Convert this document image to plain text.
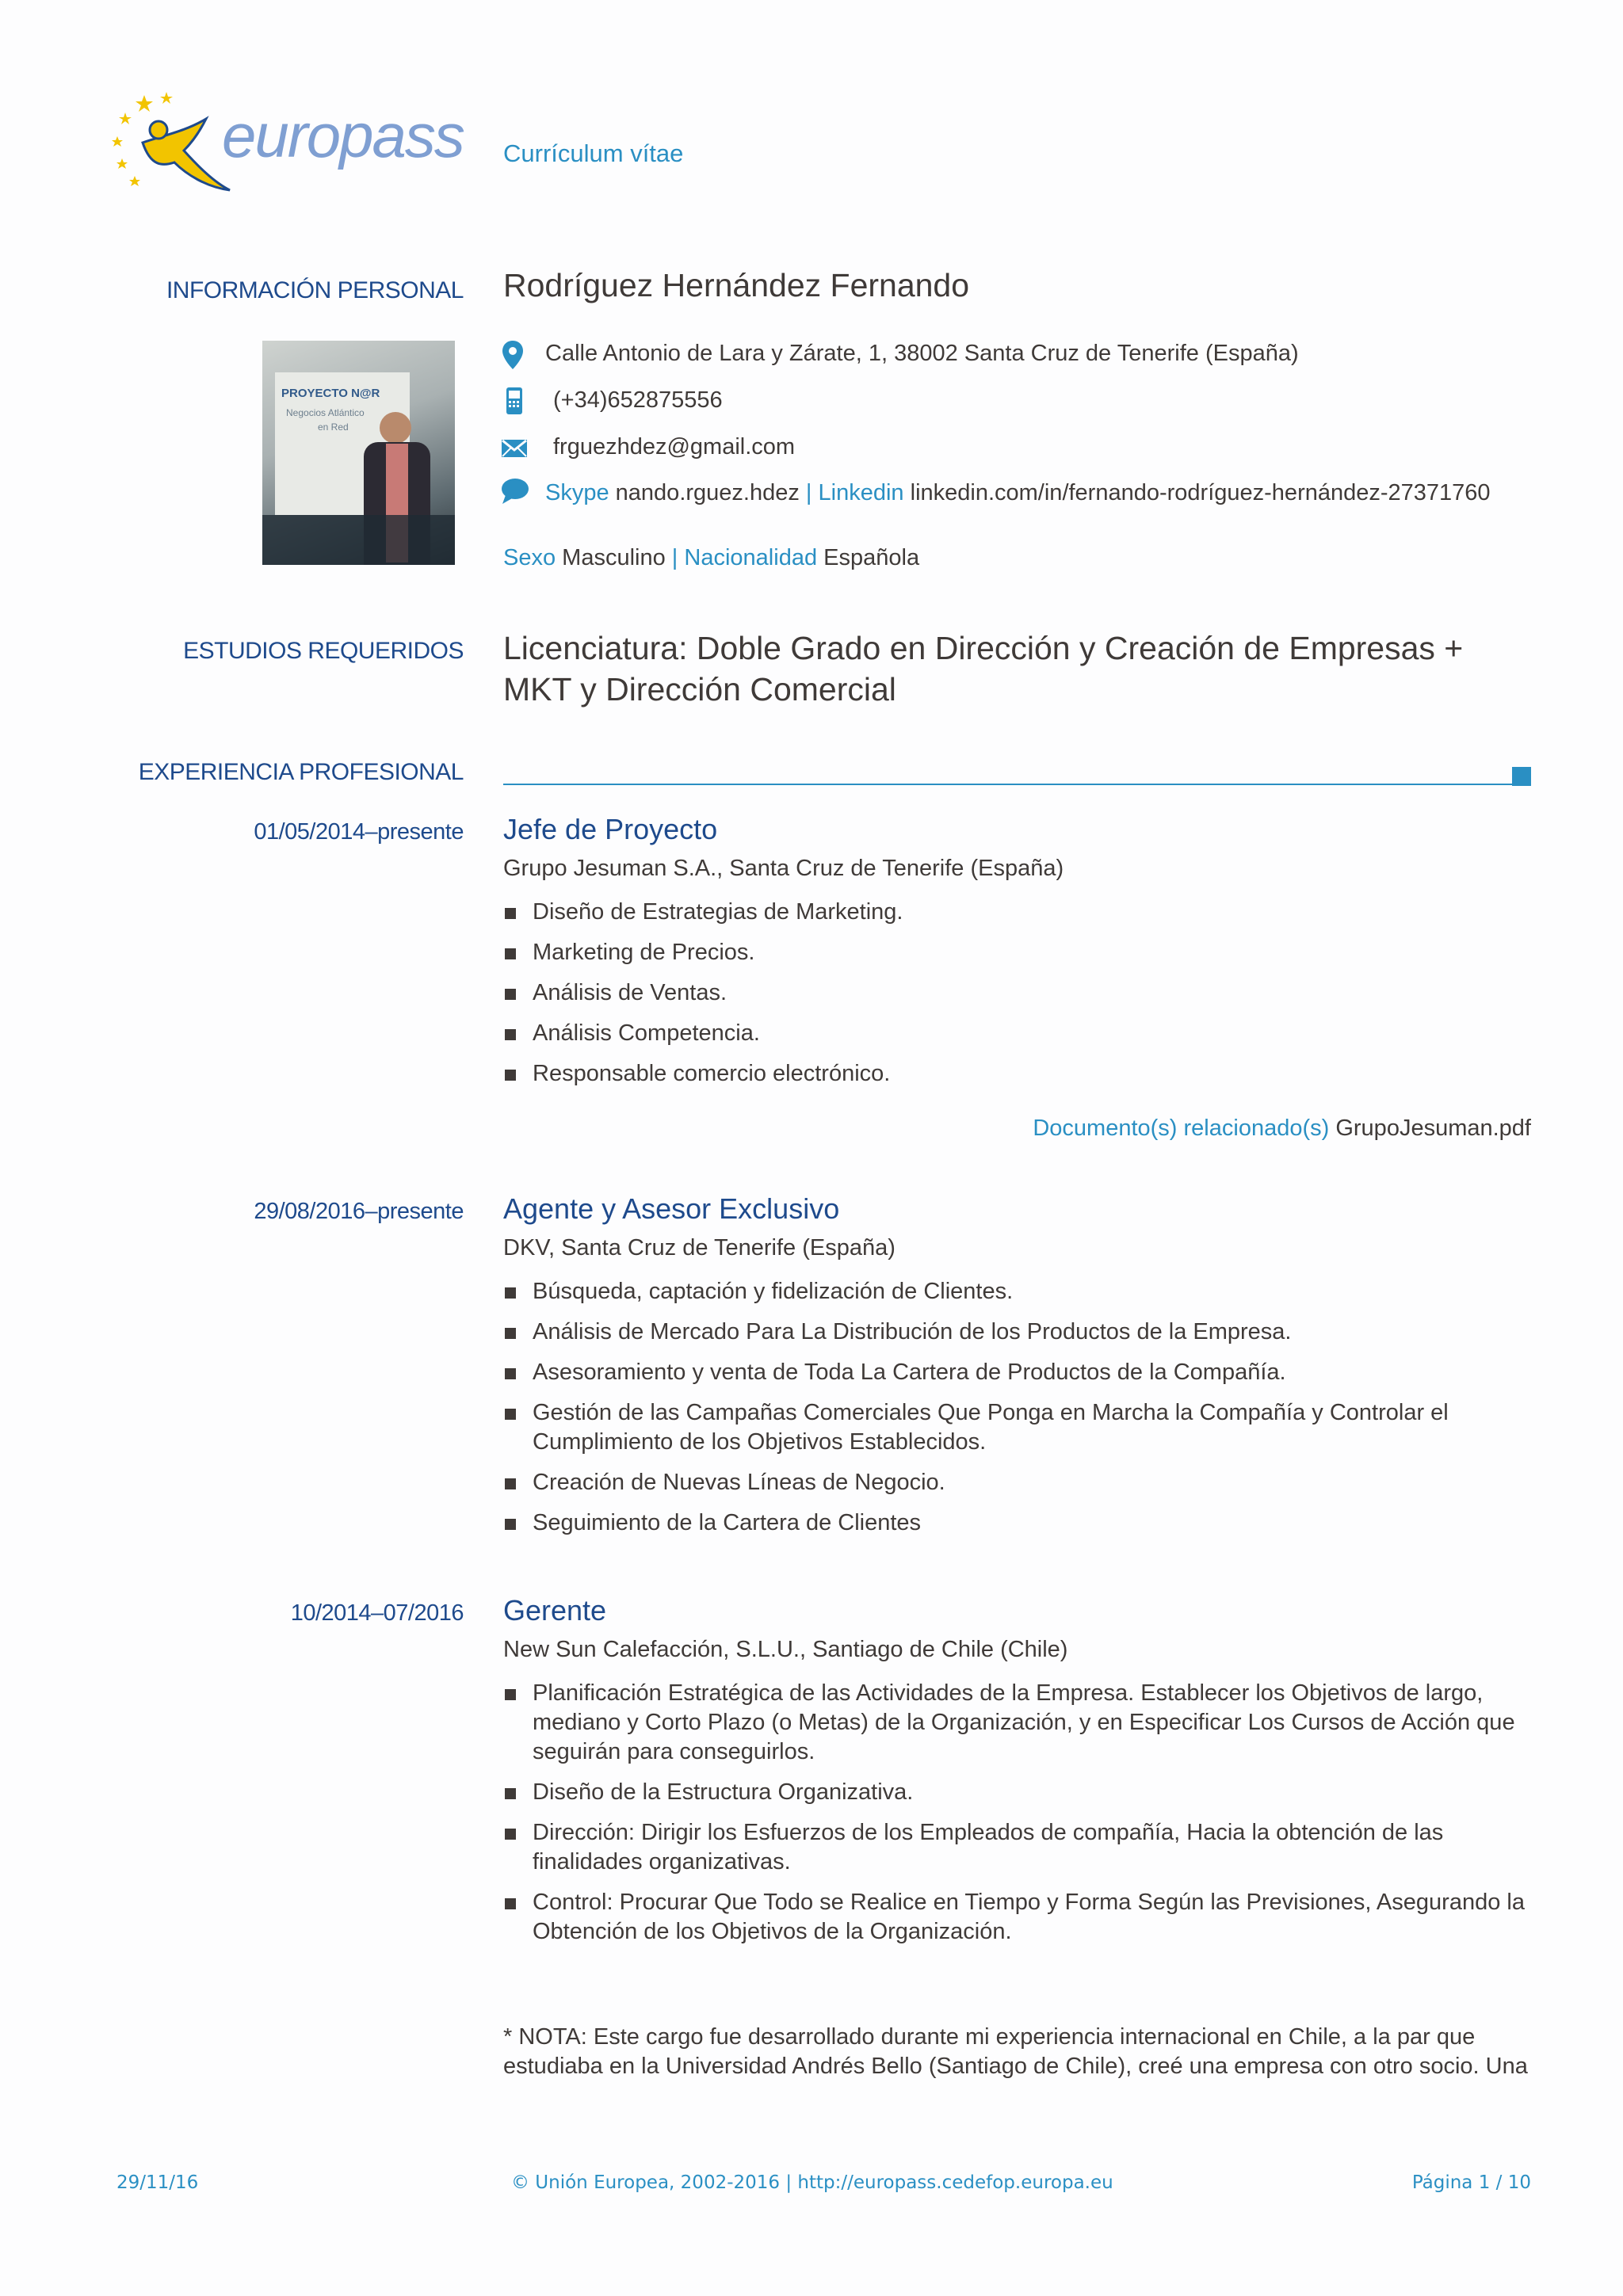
europass Currículum vítae
INFORMACIÓN PERSONAL Rodríguez Hernández Fernando
PROYECTO N@R
Negocios Atlántico
en Red
Calle Antonio de Lara y Zárate, 1, 38002 Santa Cruz de Tenerife (España)
(+34)652875556
frguezhdez@gmail.com
Skype nando.rguez.hdez | Linkedin linkedin.com/in/fernando-rodríguez-hernández-27371760
Sexo Masculino | Nacionalidad Española
ESTUDIOS REQUERIDOS Licenciatura: Doble Grado en Dirección y Creación de Empresas +
MKT y Dirección Comercial
EXPERIENCIA PROFESIONAL
01/05/2014–presente Jefe de Proyecto
Grupo Jesuman S.A., Santa Cruz de Tenerife (España)
Diseño de Estrategias de Marketing.
Marketing de Precios.
Análisis de Ventas.
Análisis Competencia.
Responsable comercio electrónico.
Documento(s) relacionado(s) GrupoJesuman.pdf
29/08/2016–presente Agente y Asesor Exclusivo
DKV, Santa Cruz de Tenerife (España)
Búsqueda, captación y fidelización de Clientes.
Análisis de Mercado Para La Distribución de los Productos de la Empresa.
Asesoramiento y venta de Toda La Cartera de Productos de la Compañía.
Gestión de las Campañas Comerciales Que Ponga en Marcha la Compañía y Controlar el Cumplimiento de los Objetivos Establecidos.
Creación de Nuevas Líneas de Negocio.
Seguimiento de la Cartera de Clientes
10/2014–07/2016 Gerente
New Sun Calefacción, S.L.U., Santiago de Chile (Chile)
Planificación Estratégica de las Actividades de la Empresa. Establecer los Objetivos de largo, mediano y Corto Plazo (o Metas) de la Organización, y en Especificar Los Cursos de Acción que seguirán para conseguirlos.
Diseño de la Estructura Organizativa.
Dirección: Dirigir los Esfuerzos de los Empleados de compañía, Hacia la obtención de las finalidades organizativas.
Control: Procurar Que Todo se Realice en Tiempo y Forma Según las Previsiones, Asegurando la Obtención de los Objetivos de la Organización.
* NOTA: Este cargo fue desarrollado durante mi experiencia internacional en Chile, a la par que
estudiaba en la Universidad Andrés Bello (Santiago de Chile), creé una empresa con otro socio. Una
29/11/16	© Unión Europea, 2002-2016 | http://europass.cedefop.europa.eu	Página 1 / 10
